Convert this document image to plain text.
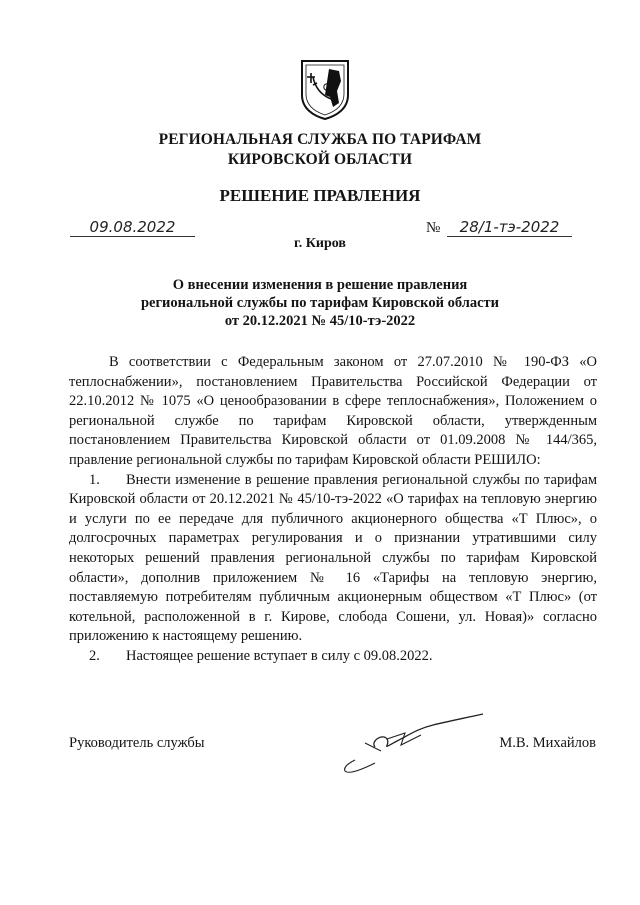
РЕГИОНАЛЬНАЯ СЛУЖБА ПО ТАРИФАМ
КИРОВСКОЙ ОБЛАСТИ
РЕШЕНИЕ ПРАВЛЕНИЯ
09.08.2022	№	28/1-тэ-2022
г. Киров
О внесении изменения в решение правления
региональной службы по тарифам Кировской области
от 20.12.2021 № 45/10-тэ-2022

В соответствии с Федеральным законом от 27.07.2010 № 190-ФЗ «О теплоснабжении», постановлением Правительства Российской Федерации от 22.10.2012 № 1075 «О ценообразовании в сфере теплоснабжения», Положением о региональной службе по тарифам Кировской области, утвержденным постановлением Правительства Кировской области от 01.09.2008 № 144/365, правление региональной службы по тарифам Кировской области РЕШИЛО:

1. Внести изменение в решение правления региональной службы по тарифам Кировской области от 20.12.2021 № 45/10-тэ-2022 «О тарифах на тепловую энергию и услуги по ее передаче для публичного акционерного общества «Т Плюс», о долгосрочных параметрах регулирования и о признании утратившими силу некоторых решений правления региональной службы по тарифам Кировской области», дополнив приложением № 16 «Тарифы на тепловую энергию, поставляемую потребителям публичным акционерным обществом «Т Плюс» (от котельной, расположенной в г. Кирове, слобода Сошени, ул. Новая)» согласно приложению к настоящему решению.

2. Настоящее решение вступает в силу с 09.08.2022.

Руководитель службы	М.В. Михайлов
